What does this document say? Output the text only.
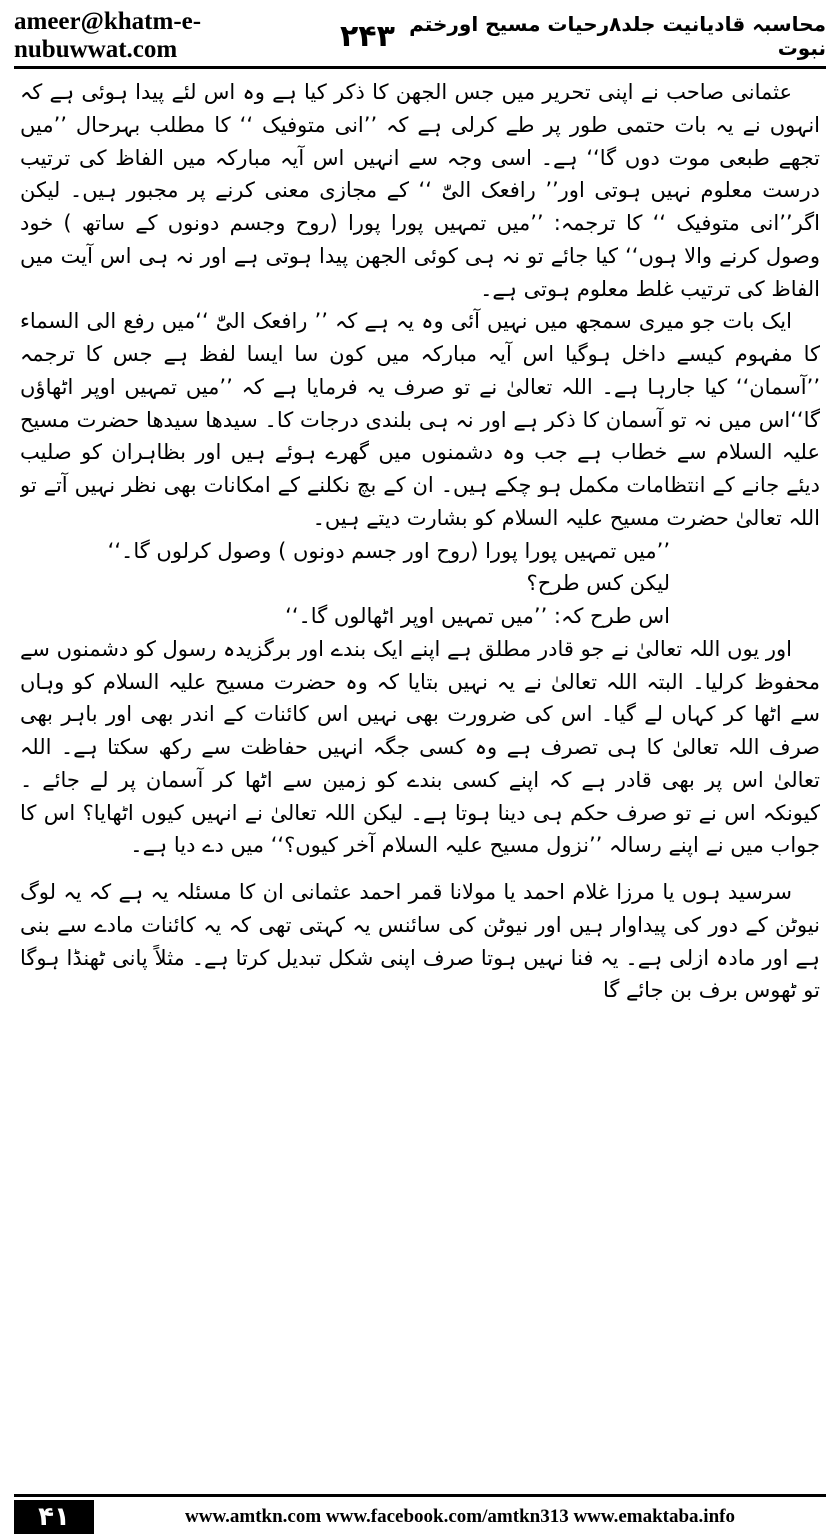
ameer@khatm-e-nubuwwat.com	۲۴۳ محاسبہ قادیانیت جلد۸رحیات مسیح اورختم نبوت

عثمانی صاحب نے اپنی تحریر میں جس الجھن کا ذکر کیا ہے وہ اس لئے پیدا ہوئی ہے کہ انہوں نے یہ بات حتمی طور پر طے کرلی ہے کہ ’’انی متوفیک ‘‘ کا مطلب بہرحال ’’میں تجھے طبعی موت دوں گا‘‘ ہے۔ اسی وجہ سے انہیں اس آیہ مبارکہ میں الفاظ کی ترتیب درست معلوم نہیں ہوتی اور’’ رافعک الیّٰ ‘‘ کے مجازی معنی کرنے پر مجبور ہیں۔ لیکن اگر’’انی متوفیک ‘‘ کا ترجمہ: ’’میں تمہیں پورا پورا (روح وجسم دونوں کے ساتھ ) خود وصول کرنے والا ہوں‘‘ کیا جائے تو نہ ہی کوئی الجھن پیدا ہوتی ہے اور نہ ہی اس آیت میں الفاظ کی ترتیب غلط معلوم ہوتی ہے۔

ایک بات جو میری سمجھ میں نہیں آئی وہ یہ ہے کہ ’’ رافعک الیّٰ ‘‘میں رفع الی السماء کا مفہوم کیسے داخل ہوگیا اس آیہ مبارکہ میں کون سا ایسا لفظ ہے جس کا ترجمہ ’’آسمان‘‘ کیا جارہا ہے۔ اللہ تعالیٰ نے تو صرف یہ فرمایا ہے کہ ’’میں تمہیں اوپر اٹھاؤں گا‘‘اس میں نہ تو آسمان کا ذکر ہے اور نہ ہی بلندی درجات کا۔ سیدھا سیدھا حضرت مسیح علیہ السلام سے خطاب ہے جب وہ دشمنوں میں گھرے ہوئے ہیں اور بظاہران کو صلیب دیئے جانے کے انتظامات مکمل ہو چکے ہیں۔ ان کے بچ نکلنے کے امکانات بھی نظر نہیں آتے تو اللہ تعالیٰ حضرت مسیح علیہ السلام کو بشارت دیتے ہیں۔

’’میں تمہیں پورا پورا (روح اور جسم دونوں ) وصول کرلوں گا۔‘‘

لیکن کس طرح؟

اس طرح کہ: ’’میں تمہیں اوپر اٹھالوں گا۔‘‘

اور یوں اللہ تعالیٰ نے جو قادر مطلق ہے اپنے ایک بندے اور برگزیدہ رسول کو دشمنوں سے محفوظ کرلیا۔ البتہ اللہ تعالیٰ نے یہ نہیں بتایا کہ وہ حضرت مسیح علیہ السلام کو وہاں سے اٹھا کر کہاں لے گیا۔ اس کی ضرورت بھی نہیں اس کائنات کے اندر بھی اور باہر بھی صرف اللہ تعالیٰ کا ہی تصرف ہے وہ کسی جگہ انہیں حفاظت سے رکھ سکتا ہے۔ اللہ تعالیٰ اس پر بھی قادر ہے کہ اپنے کسی بندے کو زمین سے اٹھا کر آسمان پر لے جائے ۔ کیونکہ اس نے تو صرف حکم ہی دینا ہوتا ہے۔ لیکن اللہ تعالیٰ نے انہیں کیوں اٹھایا؟ اس کا جواب میں نے اپنے رسالہ ’’نزول مسیح علیہ السلام آخر کیوں؟‘‘ میں دے دیا ہے۔

سرسید ہوں یا مرزا غلام احمد یا مولانا قمر احمد عثمانی ان کا مسئلہ یہ ہے کہ یہ لوگ نیوٹن کے دور کی پیداوار ہیں اور نیوٹن کی سائنس یہ کہتی تھی کہ یہ کائنات مادے سے بنی ہے اور مادہ ازلی ہے۔ یہ فنا نہیں ہوتا صرف اپنی شکل تبدیل کرتا ہے۔ مثلاً پانی ٹھنڈا ہوگا تو ٹھوس برف بن جائے گا

۴۱	www.amtkn.com www.facebook.com/amtkn313 www.emaktaba.info
